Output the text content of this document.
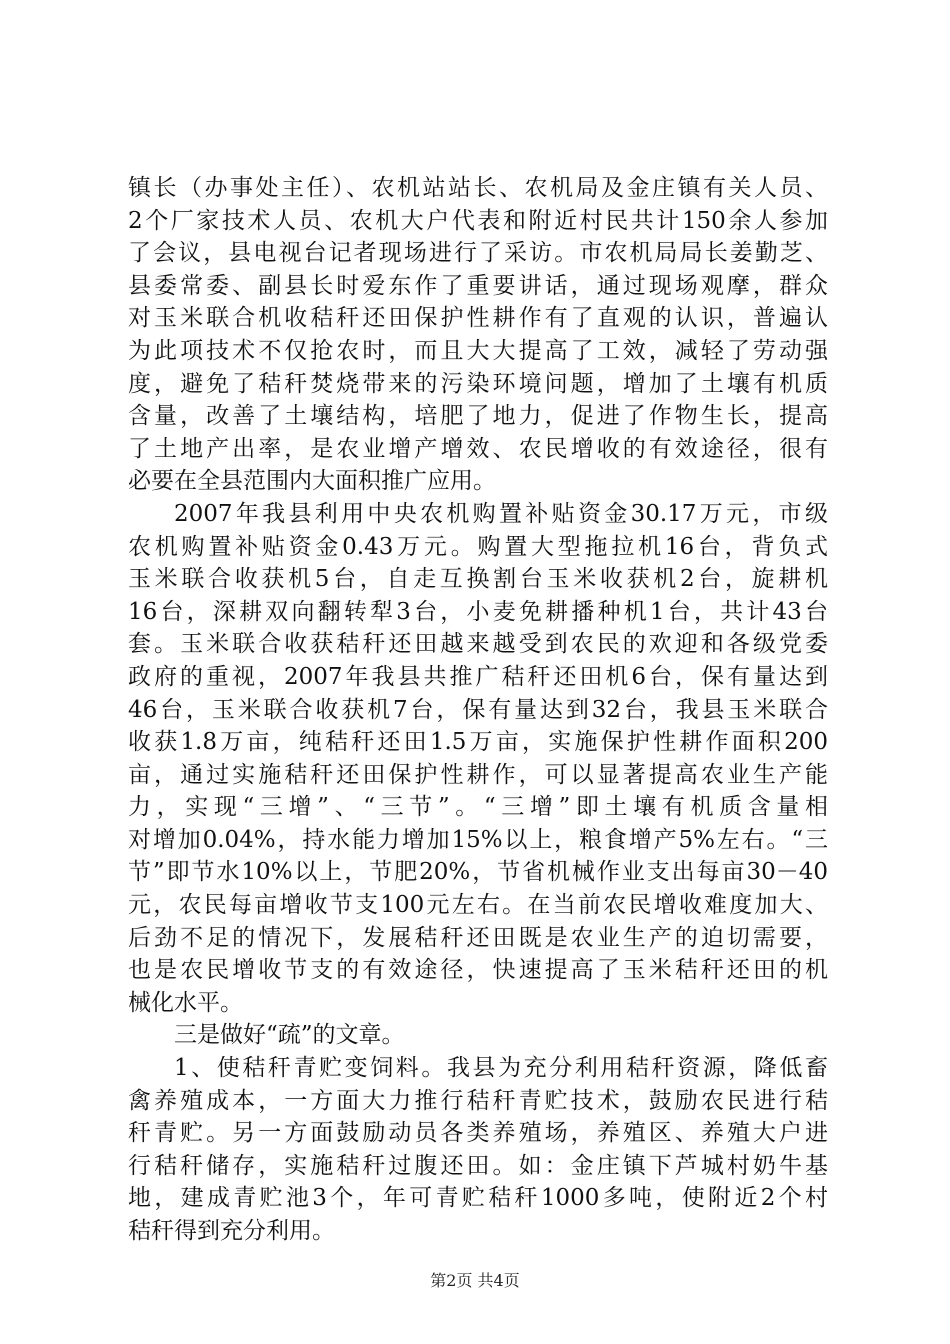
镇长（办事处主任）、农机站站长、农机局及金庄镇有关人员、
2个厂家技术人员、农机大户代表和附近村民共计150余人参加
了会议，县电视台记者现场进行了采访。市农机局局长姜勤芝、
县委常委、副县长时爱东作了重要讲话，通过现场观摩，群众
对玉米联合机收秸秆还田保护性耕作有了直观的认识，普遍认
为此项技术不仅抢农时，而且大大提高了工效，减轻了劳动强
度，避免了秸秆焚烧带来的污染环境问题，增加了土壤有机质
含量，改善了土壤结构，培肥了地力，促进了作物生长，提高
了土地产出率，是农业增产增效、农民增收的有效途径，很有
必要在全县范围内大面积推广应用。
2007年我县利用中央农机购置补贴资金30.17万元，市级
农机购置补贴资金0.43万元。购置大型拖拉机16台，背负式
玉米联合收获机5台，自走互换割台玉米收获机2台，旋耕机
16台，深耕双向翻转犁3台，小麦免耕播种机1台，共计43台
套。玉米联合收获秸秆还田越来越受到农民的欢迎和各级党委
政府的重视，2007年我县共推广秸秆还田机6台，保有量达到
46台，玉米联合收获机7台，保有量达到32台，我县玉米联合
收获1.8万亩，纯秸秆还田1.5万亩，实施保护性耕作面积200
亩，通过实施秸秆还田保护性耕作，可以显著提高农业生产能
力，实现“三增”、“三节”。“三增”即土壤有机质含量相
对增加0.04%，持水能力增加15%以上，粮食增产5%左右。“三
节”即节水10%以上，节肥20%，节省机械作业支出每亩30－40
元，农民每亩增收节支100元左右。在当前农民增收难度加大、
后劲不足的情况下，发展秸秆还田既是农业生产的迫切需要，
也是农民增收节支的有效途径，快速提高了玉米秸秆还田的机
械化水平。
三是做好“疏”的文章。
1、使秸秆青贮变饲料。我县为充分利用秸秆资源，降低畜
禽养殖成本，一方面大力推行秸秆青贮技术，鼓励农民进行秸
秆青贮。另一方面鼓励动员各类养殖场，养殖区、养殖大户进
行秸秆储存，实施秸秆过腹还田。如：金庄镇下芦城村奶牛基
地，建成青贮池3个，年可青贮秸秆1000多吨，使附近2个村
秸秆得到充分利用。
第2页 共4页
